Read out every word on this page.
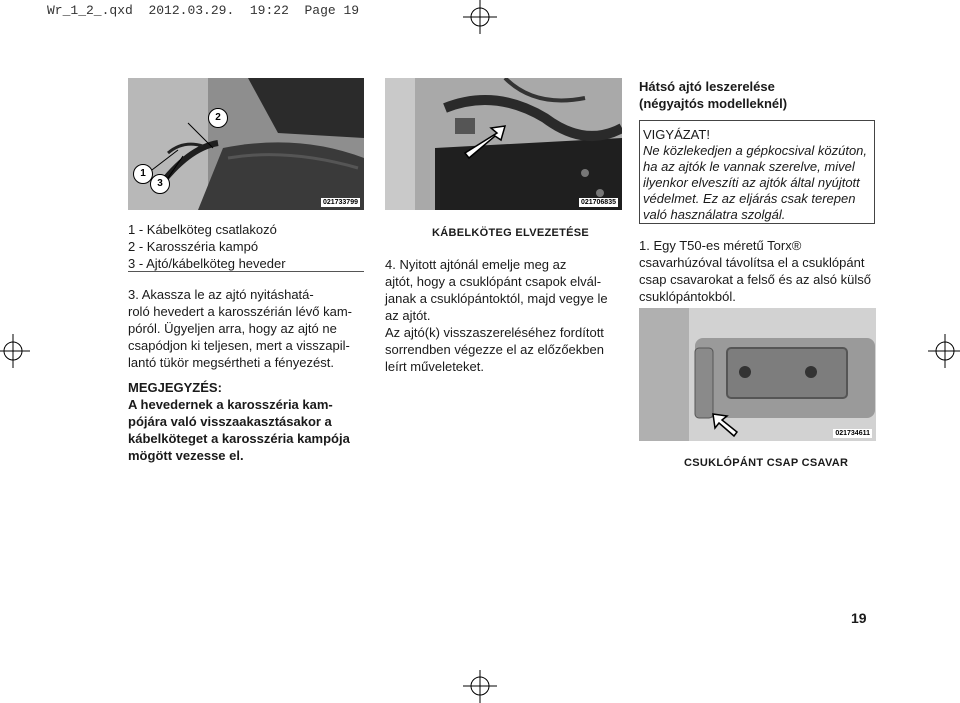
Wr_1_2_.qxd 2012.03.29. 19:22 Page 19
1
2
3
021733799

1 - Kábelköteg csatlakozó

2 - Karosszéria kampó

3 - Ajtó/kábelköteg heveder

3. Akassza le az ajtó nyitáshatá-

roló hevedert a karosszérián lévő kam-

póról. Ügyeljen arra, hogy az ajtó ne

csapódjon ki teljesen, mert a visszapil-

lantó tükör megsértheti a fényezést.

MEGJEGYZÉS:

A hevedernek a karosszéria kam-

pójára való visszaakasztásakor a

kábelköteget a karosszéria kampója

mögött vezesse el.

021706835
KÁBELKÖTEG ELVEZETÉSE

4. Nyitott ajtónál emelje meg az

ajtót, hogy a csuklópánt csapok elvál-

janak a csuklópántoktól, majd vegye le

az ajtót.

Az ajtó(k) visszaszereléséhez fordított

sorrendben végezze el az előzőekben

leírt műveleteket.

Hátsó ajtó leszerelése

(négyajtós modelleknél)

VIGYÁZAT!

Ne közlekedjen a gépkocsival közúton,

ha az ajtók le vannak szerelve, mivel

ilyenkor elveszíti az ajtók által nyújtott

védelmet. Ez az eljárás csak terepen

való használatra szolgál.

1. Egy T50-es méretű Torx®

csavarhúzóval távolítsa el a csuklópánt

csap csavarokat a felső és az alsó külső

csuklópántokból.

021734611
CSUKLÓPÁNT CSAP CSAVAR
19
